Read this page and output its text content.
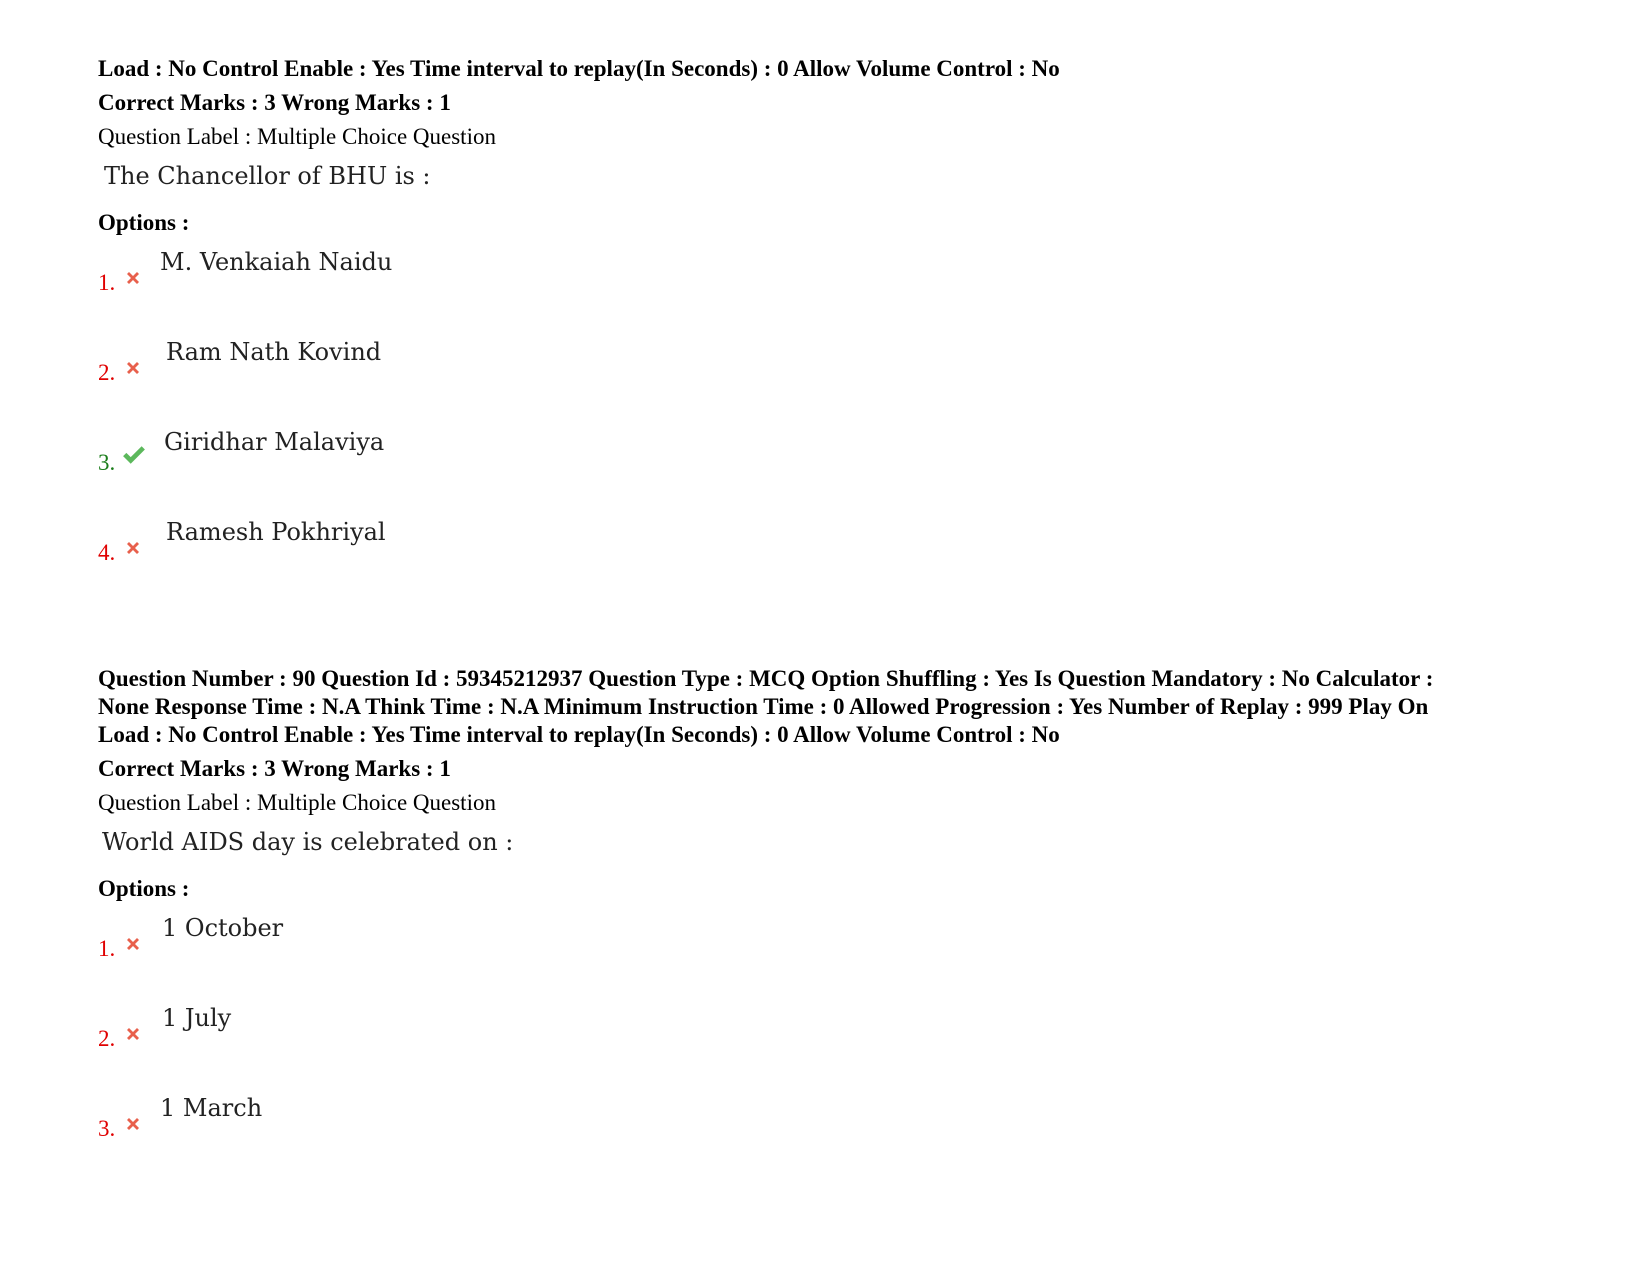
Load : No Control Enable : Yes Time interval to replay(In Seconds) : 0 Allow Volume Control : No
Correct Marks : 3 Wrong Marks : 1
Question Label : Multiple Choice Question
The Chancellor of BHU is :
Options :
1.
M. Venkaiah Naidu
2.
Ram Nath Kovind
3.
Giridhar Malaviya
4.
Ramesh Pokhriyal
Question Number : 90 Question Id : 59345212937 Question Type : MCQ Option Shuffling : Yes Is Question Mandatory : No Calculator :
None Response Time : N.A Think Time : N.A Minimum Instruction Time : 0 Allowed Progression : Yes Number of Replay : 999 Play On
Load : No Control Enable : Yes Time interval to replay(In Seconds) : 0 Allow Volume Control : No
Correct Marks : 3 Wrong Marks : 1
Question Label : Multiple Choice Question
World AIDS day is celebrated on :
Options :
1.
1 October
2.
1 July
3.
1 March
